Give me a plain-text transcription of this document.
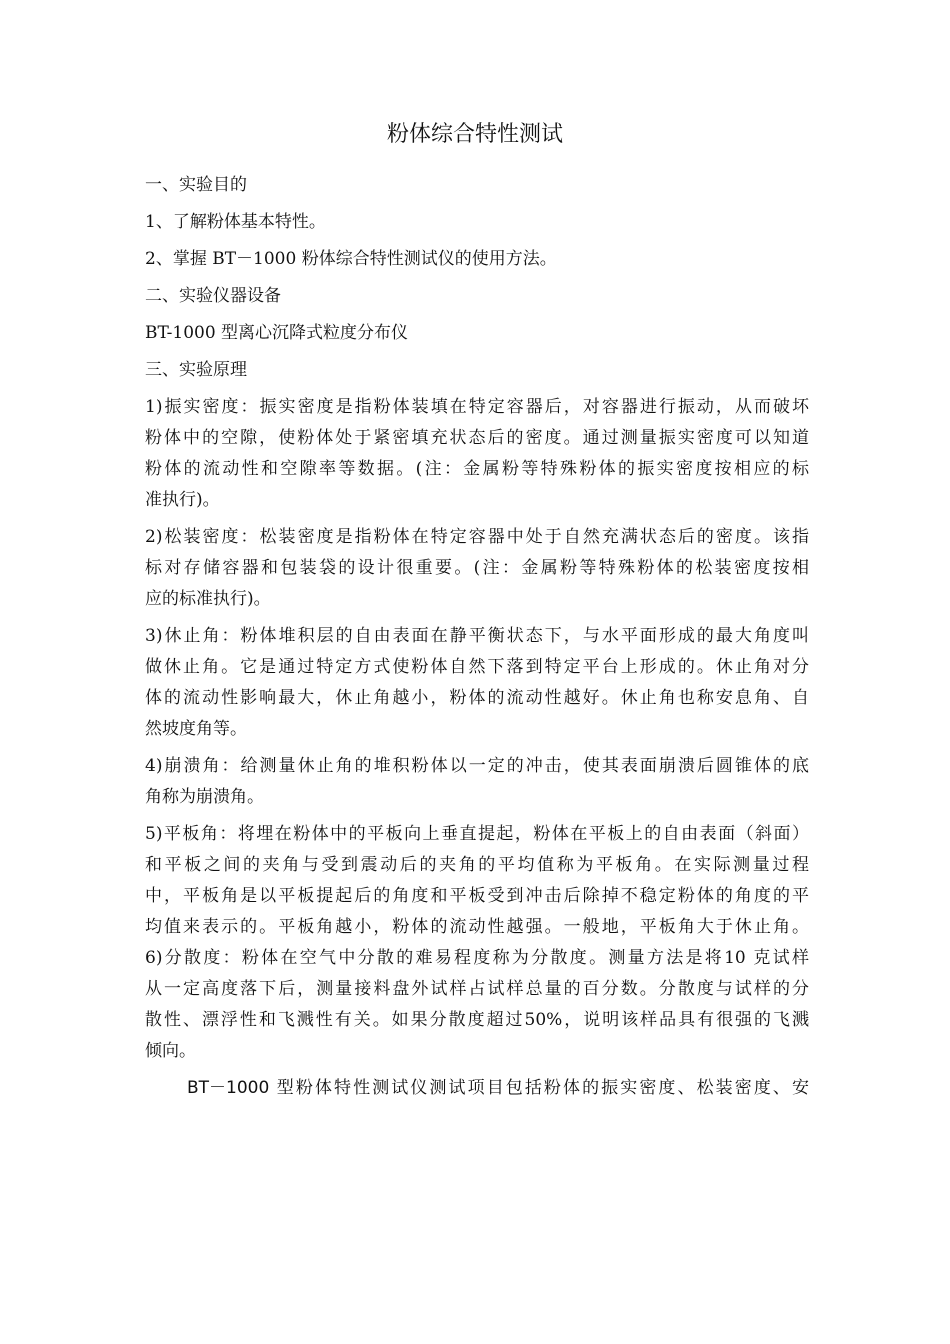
粉体综合特性测试
一、实验目的
1、了解粉体基本特性。
2、掌握 BT－1000 粉体综合特性测试仪的使用方法。
二、实验仪器设备
BT-1000 型离心沉降式粒度分布仪
三、实验原理
1)振实密度：振实密度是指粉体装填在特定容器后，对容器进行振动，从而破坏
粉体中的空隙，使粉体处于紧密填充状态后的密度。通过测量振实密度可以知道
粉体的流动性和空隙率等数据。(注：金属粉等特殊粉体的振实密度按相应的标
准执行)。
2)松装密度：松装密度是指粉体在特定容器中处于自然充满状态后的密度。该指
标对存储容器和包装袋的设计很重要。(注：金属粉等特殊粉体的松装密度按相
应的标准执行)。
3)休止角：粉体堆积层的自由表面在静平衡状态下，与水平面形成的最大角度叫
做休止角。它是通过特定方式使粉体自然下落到特定平台上形成的。休止角对分
体的流动性影响最大，休止角越小，粉体的流动性越好。休止角也称安息角、自
然坡度角等。
4)崩溃角：给测量休止角的堆积粉体以一定的冲击，使其表面崩溃后圆锥体的底
角称为崩溃角。
5)平板角：将埋在粉体中的平板向上垂直提起，粉体在平板上的自由表面（斜面）
和平板之间的夹角与受到震动后的夹角的平均值称为平板角。在实际测量过程
中，平板角是以平板提起后的角度和平板受到冲击后除掉不稳定粉体的角度的平
均值来表示的。平板角越小，粉体的流动性越强。一般地，平板角大于休止角。
6)分散度：粉体在空气中分散的难易程度称为分散度。测量方法是将10 克试样
从一定高度落下后，测量接料盘外试样占试样总量的百分数。分散度与试样的分
散性、漂浮性和飞溅性有关。如果分散度超过50%，说明该样品具有很强的飞溅
倾向。
BT－1000 型粉体特性测试仪测试项目包括粉体的振实密度、松装密度、安
